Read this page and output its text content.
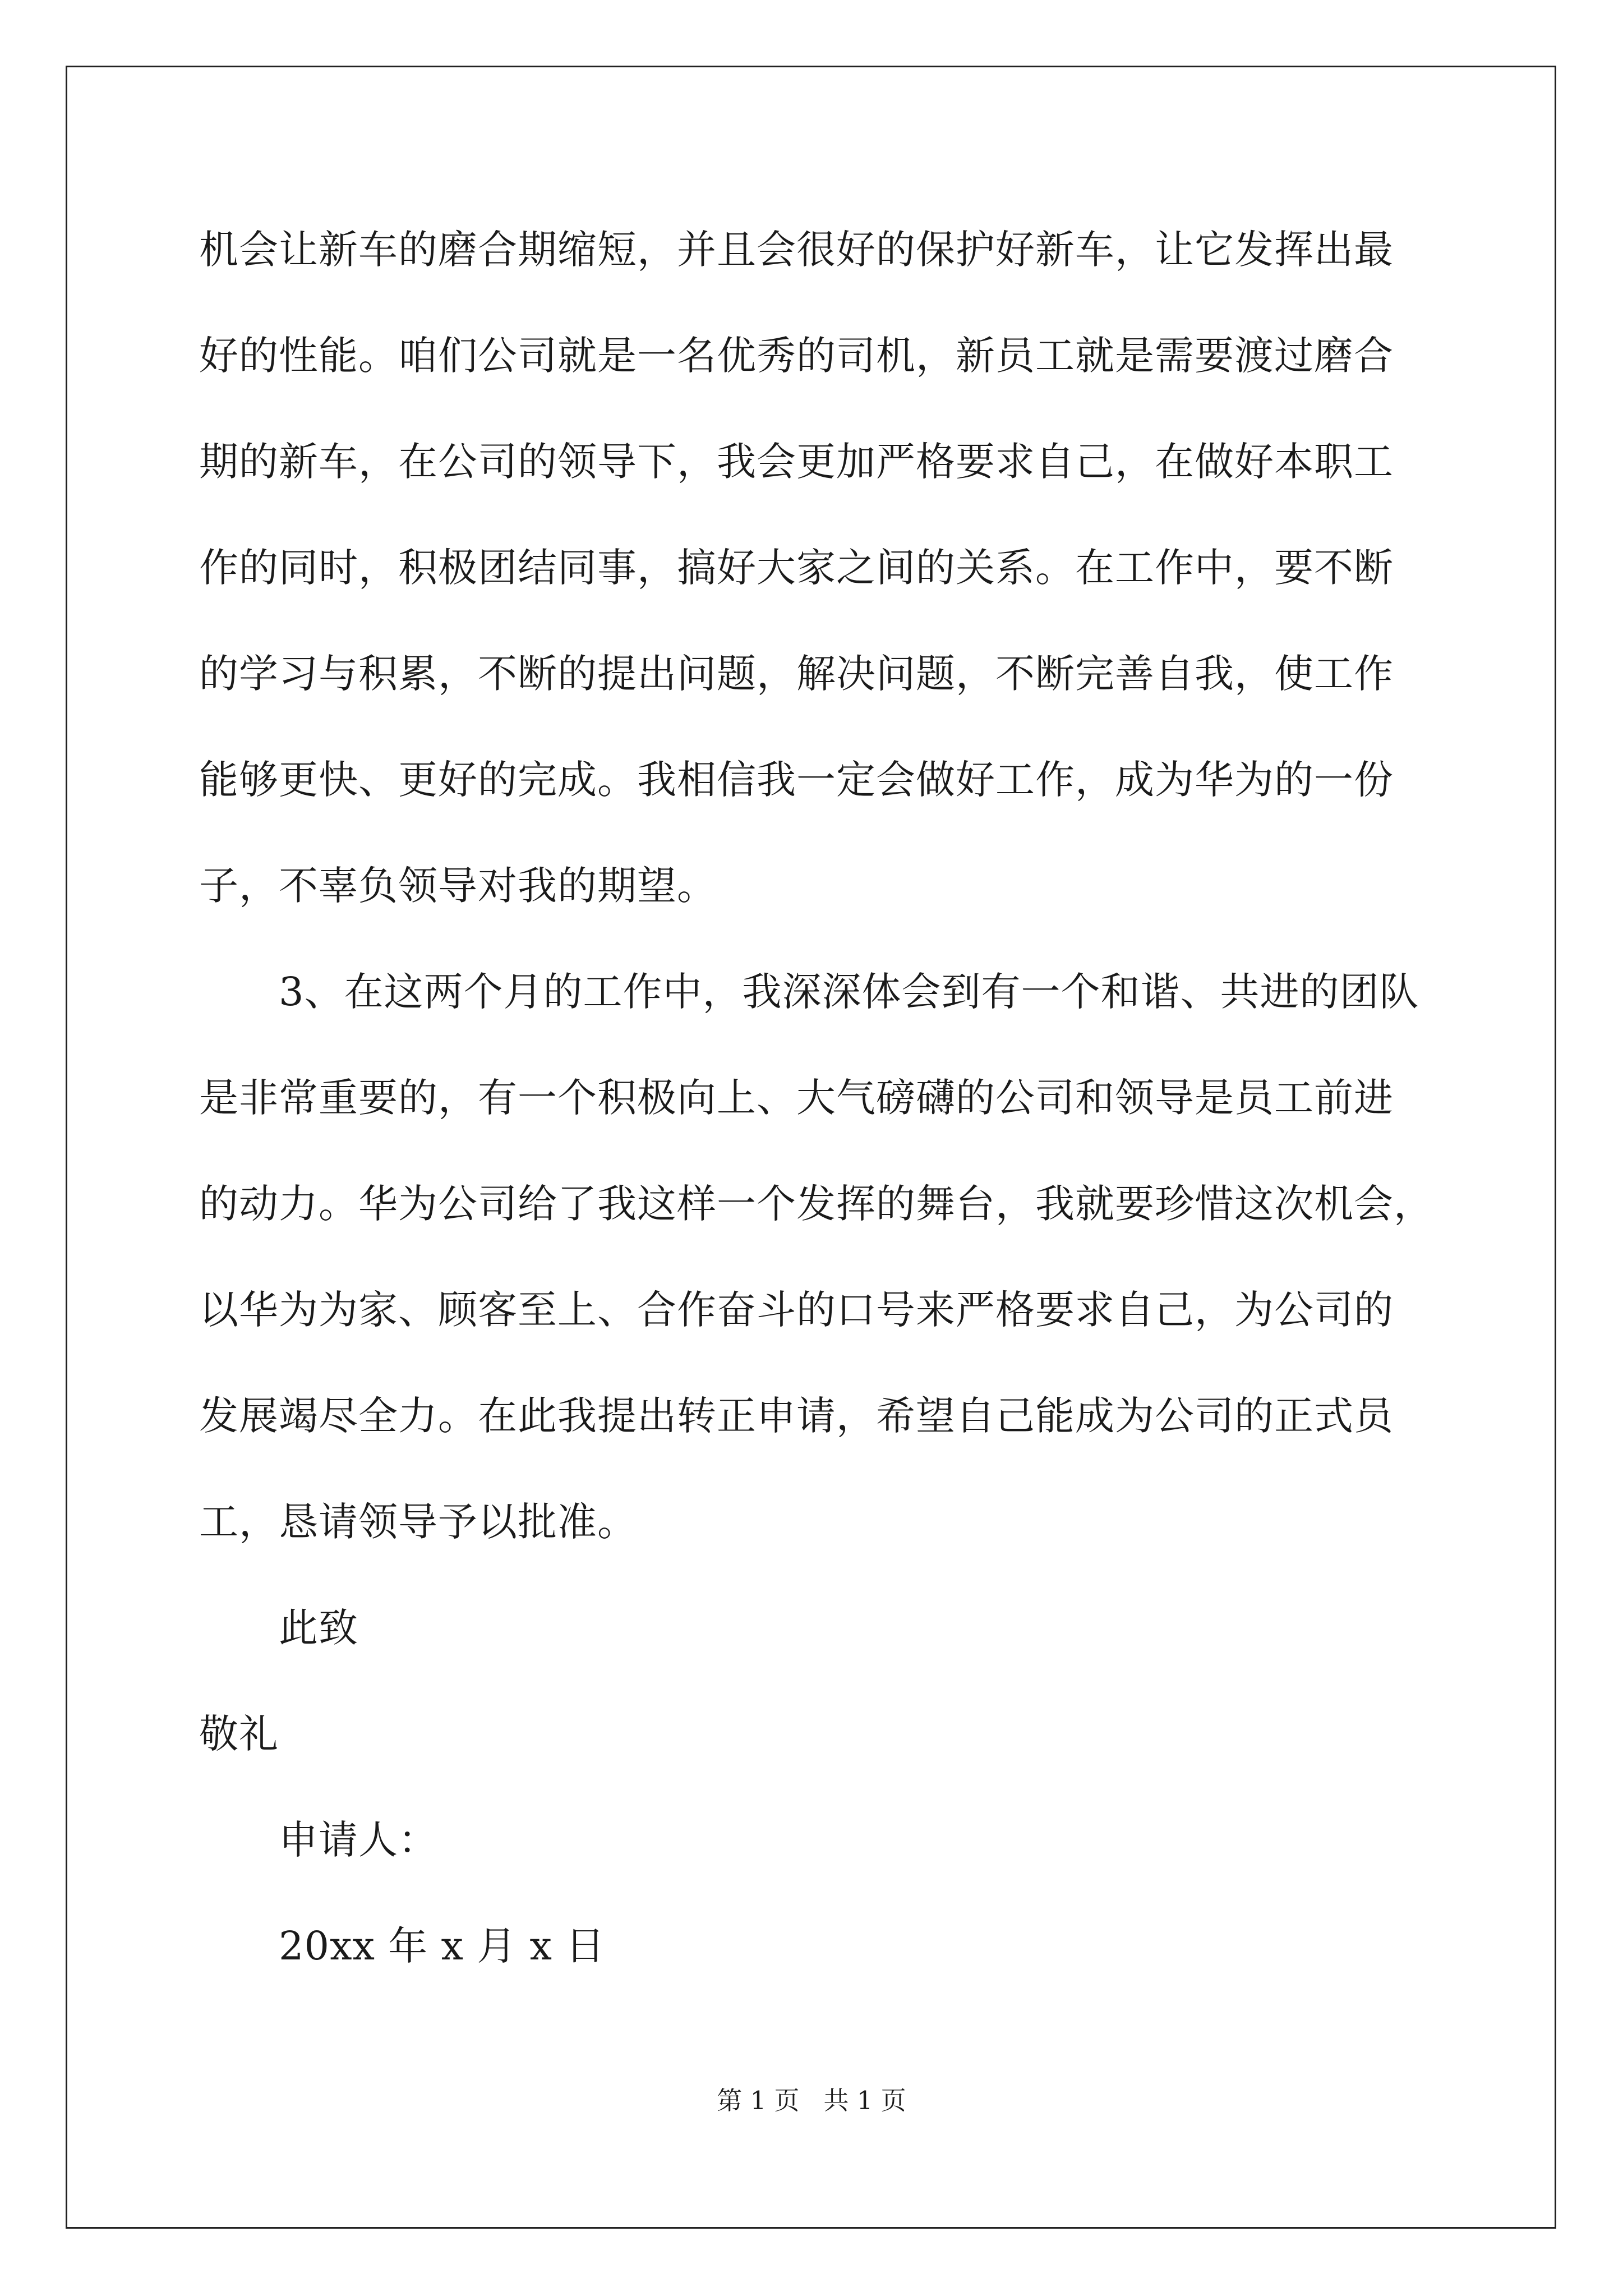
机会让新车的磨合期缩短，并且会很好的保护好新车，让它发挥出最
好的性能。咱们公司就是一名优秀的司机，新员工就是需要渡过磨合
期的新车，在公司的领导下，我会更加严格要求自己，在做好本职工
作的同时，积极团结同事，搞好大家之间的关系。在工作中，要不断
的学习与积累，不断的提出问题，解决问题，不断完善自我，使工作
能够更快、更好的完成。我相信我一定会做好工作，成为华为的一份
子，不辜负领导对我的期望。
　　3、在这两个月的工作中，我深深体会到有一个和谐、共进的团队
是非常重要的，有一个积极向上、大气磅礴的公司和领导是员工前进
的动力。华为公司给了我这样一个发挥的舞台，我就要珍惜这次机会，
以华为为家、顾客至上、合作奋斗的口号来严格要求自己，为公司的
发展竭尽全力。在此我提出转正申请，希望自己能成为公司的正式员
工，恳请领导予以批准。
　　此致
敬礼
　　申请人：
　　20xx 年 x 月 x 日
第 1 页   共 1 页
